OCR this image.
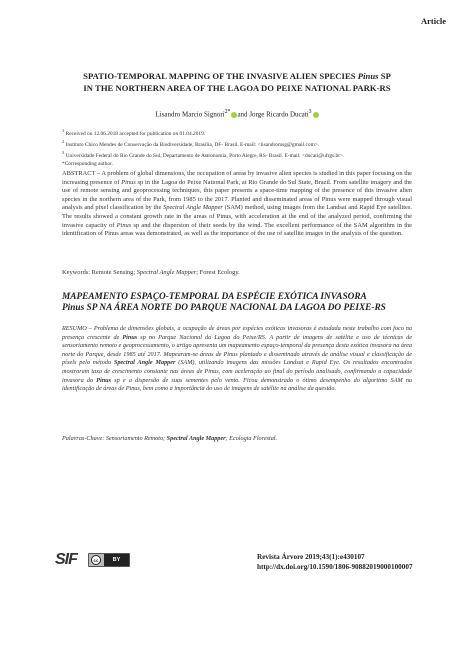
Article
SPATIO-TEMPORAL MAPPING OF THE INVASIVE ALIEN SPECIES Pinus SP
IN THE NORTHERN AREA OF THE LAGOA DO PEIXE NATIONAL PARK-RS
Lisandro Marcio Signori$^{2*}$ and Jorge Ricardo Ducati$^3$
$^1$ Received on 12.06.2018 accepted for publication on 01.04.2019.
$^2$ Instituto Chico Mendes de Conservação da Biodiversidade, Brasília, DF- Brasil. E-mail: <lisandromsg@gmail.com>.
$^3$ Universidade Federal do Rio Grande do Sul, Departamento de Astronomia, Porto Alegre, RS- Brasil. E-mail: <ducati@ufrgs.br>.
*Corresponding author.
ABSTRACT – A problem of global dimensions, the occupation of areas by invasive alien species is studied in this paper focusing on the increasing presence of Pinus sp in the Lagoa do Peixe National Park, at Rio Grande do Sul State, Brazil. From satellite imagery and the use of remote sensing and geoprocessing techniques, this paper presents a space-time mapping of the presence of this invasive alien species in the northern area of the Park, from 1985 to the 2017. Planted and disseminated areas of Pinus were mapped through visual analysis and pixel classification by the Spectral Angle Mapper (SAM) method, using images from the Landsat and Rapid Eye satellites. The results showed a constant growth rate in the areas of Pinus, with acceleration at the end of the analyzed period, confirming the invasive capacity of Pinus sp and the dispersion of their seeds by the wind. The excellent performance of the SAM algorithm in the identification of Pinus areas was demonstrated, as well as the importance of the use of satellite images in the analysis of the question.
Keywords: Remote Sensing; Spectral Angle Mapper; Forest Ecology.
MAPEAMENTO ESPAÇO-TEMPORAL DA ESPÉCIE EXÓTICA INVASORA
Pinus SP NA ÁREA NORTE DO PARQUE NACIONAL DA LAGOA DO PEIXE-RS
RESUMO – Problema de dimensões globais, a ocupação de áreas por espécies exóticas invasoras é estudada neste trabalho com foco na presença crescente de Pinus sp no Parque Nacional da Lagoa do Peixe/RS. A partir de imagens de satélite e uso de técnicas de sensoriamento remoto e geoprocessamento, o artigo apresenta um mapeamento espaço-temporal da presença desta exótica invasora na área norte do Parque, desde 1985 até 2017. Mapearam-se áreas de Pinus plantado e disseminado através de análise visual e classificação de píxels pelo método Spectral Angle Mapper (SAM), utilizando imagens das missões Landsat e Rapid Eye. Os resultados encontrados mostraram taxa de crescimento constante nas áreas de Pinus, com aceleração ao final do período analisado, confirmando a capacidade invasora do Pinus sp e a dispersão de suas sementes pelo vento. Ficou demonstrado o ótimo desempenho do algoritmo SAM na identificação de áreas de Pinus, bem como a importância do uso de imagens de satélite na análise da questão.
Palavras-Chave: Sensoriamento Remoto; Spectral Angle Mapper; Ecologia Florestal.
SIF	cc	BY	Revista Árvore 2019;43(1):e430107
http://dx.doi.org/10.1590/1806-90882019000100007
